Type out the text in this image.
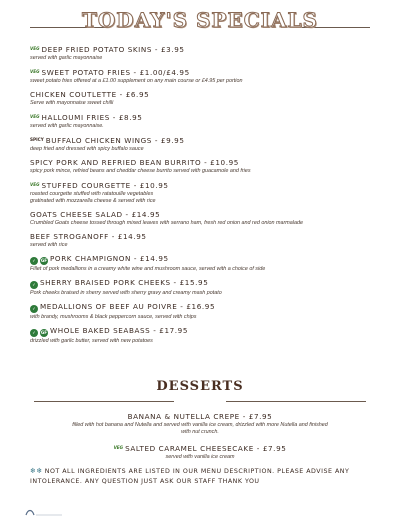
TODAY'S SPECIALS
VEG DEEP FRIED POTATO SKINS - £3.95
served with garlic mayonnaise
VEG SWEET POTATO FRIES - £1.00/£4.95
sweet potato fries offered at a £1.00 supplement on any main course or £4.95 per portion
CHICKEN COUTLETTE - £6.95
Serve with mayonnaise sweet chilli
VEG HALLOUMI FRIES - £8.95
served with garlic mayonnaise.
SPICY BUFFALO CHICKEN WINGS - £9.95
deep fried and dressed with spicy buffalo sauce
SPICY PORK AND REFRIED BEAN BURRITO - £10.95
spicy pork mince, refried beans and cheddar cheese burrito served with guacamole and fries
VEG STUFFED COURGETTE - £10.95
roasted courgette stuffed with ratatouille vegetables
gratinated with mozzarella cheese & served with rice
GOATS CHEESE SALAD - £14.95
Crumbled Goats cheese tossed through mixed leaves with serrano ham, fresh red onion and red onion marmalade
BEEF STROGANOFF - £14.95
served with rice
✓ GF PORK CHAMPIGNON - £14.95
Fillet of pork medallions in a creamy white wine and mushroom sauce, served with a choice of side
✓ SHERRY BRAISED PORK CHEEKS - £15.95
Pork cheeks braised in sherry served with sherry gravy and creamy mash potato
✓ MEDALLIONS OF BEEF AU POIVRE - £16.95
with brandy, mushrooms & black peppercorn sauce, served with chips
✓ GF WHOLE BAKED SEABASS - £17.95
drizzled with garlic butter, served with new potatoes
DESSERTS
BANANA & NUTELLA CREPE - £7.95
filled with hot banana and Nutella and served with vanilla ice cream, drizzled with more Nutella and finished
with nut crunch.
VEG SALTED CARAMEL CHEESECAKE - £7.95
served with vanilla ice cream
❄❄ NOT ALL INGREDIENTS ARE LISTED IN OUR MENU DESCRIPTION. PLEASE ADVISE ANY INTOLERANCE. ANY QUESTION JUST ASK OUR STAFF THANK YOU
